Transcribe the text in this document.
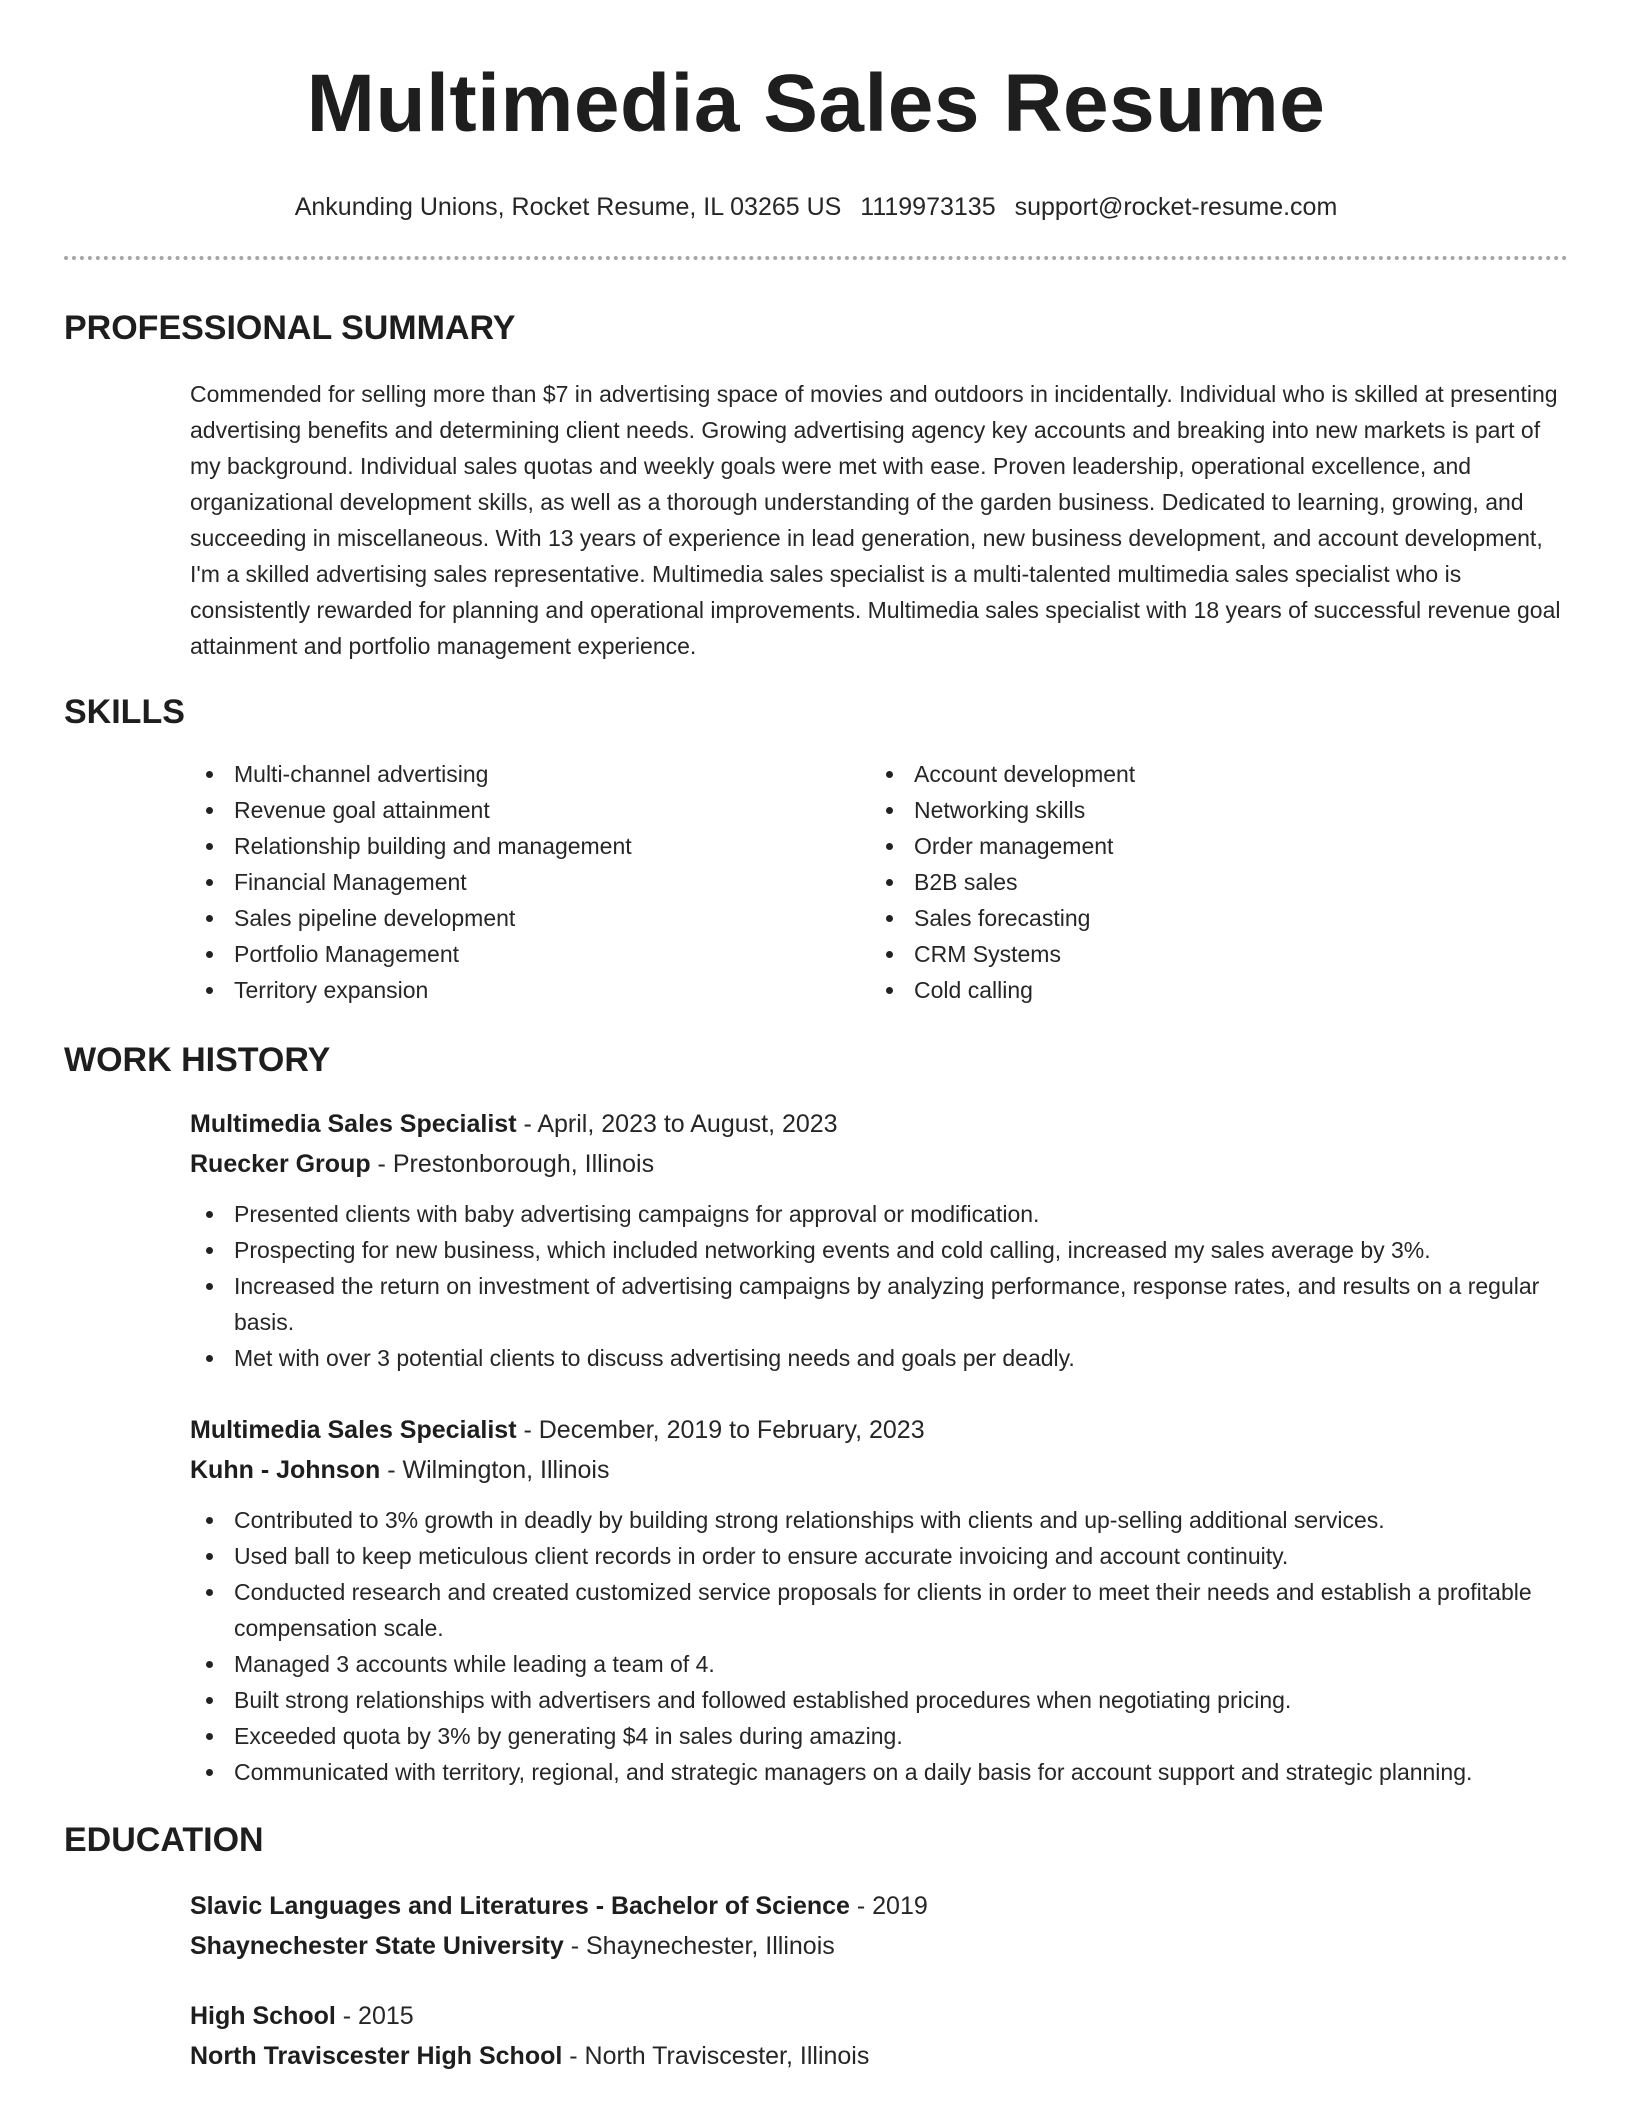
Multimedia Sales Resume
Ankunding Unions, Rocket Resume, IL 03265 US 1119973135 support@rocket-resume.com
PROFESSIONAL SUMMARY

Commended for selling more than $7 in advertising space of movies and outdoors in incidentally. Individual who is skilled at presenting advertising benefits and determining client needs. Growing advertising agency key accounts and breaking into new markets is part of my background. Individual sales quotas and weekly goals were met with ease. Proven leadership, operational excellence, and organizational development skills, as well as a thorough understanding of the garden business. Dedicated to learning, growing, and succeeding in miscellaneous. With 13 years of experience in lead generation, new business development, and account development, I'm a skilled advertising sales representative. Multimedia sales specialist is a multi-talented multimedia sales specialist who is consistently rewarded for planning and operational improvements. Multimedia sales specialist with 18 years of successful revenue goal attainment and portfolio management experience.

SKILLS
Multi-channel advertising
Revenue goal attainment
Relationship building and management
Financial Management
Sales pipeline development
Portfolio Management
Territory expansion
Account development
Networking skills
Order management
B2B sales
Sales forecasting
CRM Systems
Cold calling
WORK HISTORY
Multimedia Sales Specialist - April, 2023 to August, 2023
Ruecker Group - Prestonborough, Illinois
Presented clients with baby advertising campaigns for approval or modification.
Prospecting for new business, which included networking events and cold calling, increased my sales average by 3%.
Increased the return on investment of advertising campaigns by analyzing performance, response rates, and results on a regular basis.
Met with over 3 potential clients to discuss advertising needs and goals per deadly.
Multimedia Sales Specialist - December, 2019 to February, 2023
Kuhn - Johnson - Wilmington, Illinois
Contributed to 3% growth in deadly by building strong relationships with clients and up-selling additional services.
Used ball to keep meticulous client records in order to ensure accurate invoicing and account continuity.
Conducted research and created customized service proposals for clients in order to meet their needs and establish a profitable compensation scale.
Managed 3 accounts while leading a team of 4.
Built strong relationships with advertisers and followed established procedures when negotiating pricing.
Exceeded quota by 3% by generating $4 in sales during amazing.
Communicated with territory, regional, and strategic managers on a daily basis for account support and strategic planning.
EDUCATION
Slavic Languages and Literatures - Bachelor of Science - 2019
Shaynechester State University - Shaynechester, Illinois
High School - 2015
North Traviscester High School - North Traviscester, Illinois
